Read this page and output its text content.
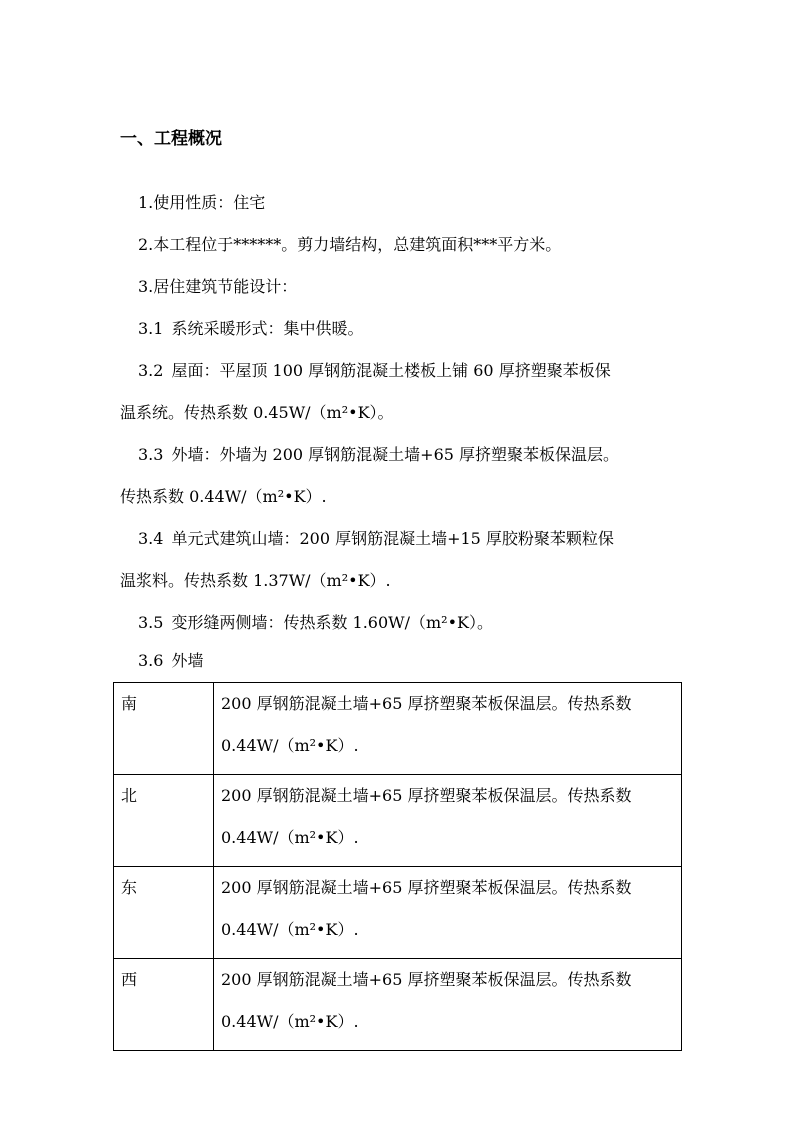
一、工程概况
1.使用性质：住宅
2.本工程位于******。剪力墙结构，总建筑面积***平方米。
3.居住建筑节能设计：
3.1 系统采暖形式：集中供暖。
3.2 屋面：平屋顶 100 厚钢筋混凝土楼板上铺 60 厚挤塑聚苯板保
温系统。传热系数 0.45W/（m²•K）。
3.3 外墙：外墙为 200 厚钢筋混凝土墙+65 厚挤塑聚苯板保温层。
传热系数 0.44W/（m²•K）.
3.4 单元式建筑山墙：200 厚钢筋混凝土墙+15 厚胶粉聚苯颗粒保
温浆料。传热系数 1.37W/（m²•K）.
3.5 变形缝两侧墙：传热系数 1.60W/（m²•K）。
3.6 外墙
南	200 厚钢筋混凝土墙+65 厚挤塑聚苯板保温层。传热系数
0.44W/（m²•K）.

北	200 厚钢筋混凝土墙+65 厚挤塑聚苯板保温层。传热系数
0.44W/（m²•K）.

东	200 厚钢筋混凝土墙+65 厚挤塑聚苯板保温层。传热系数
0.44W/（m²•K）.

西	200 厚钢筋混凝土墙+65 厚挤塑聚苯板保温层。传热系数
0.44W/（m²•K）.
